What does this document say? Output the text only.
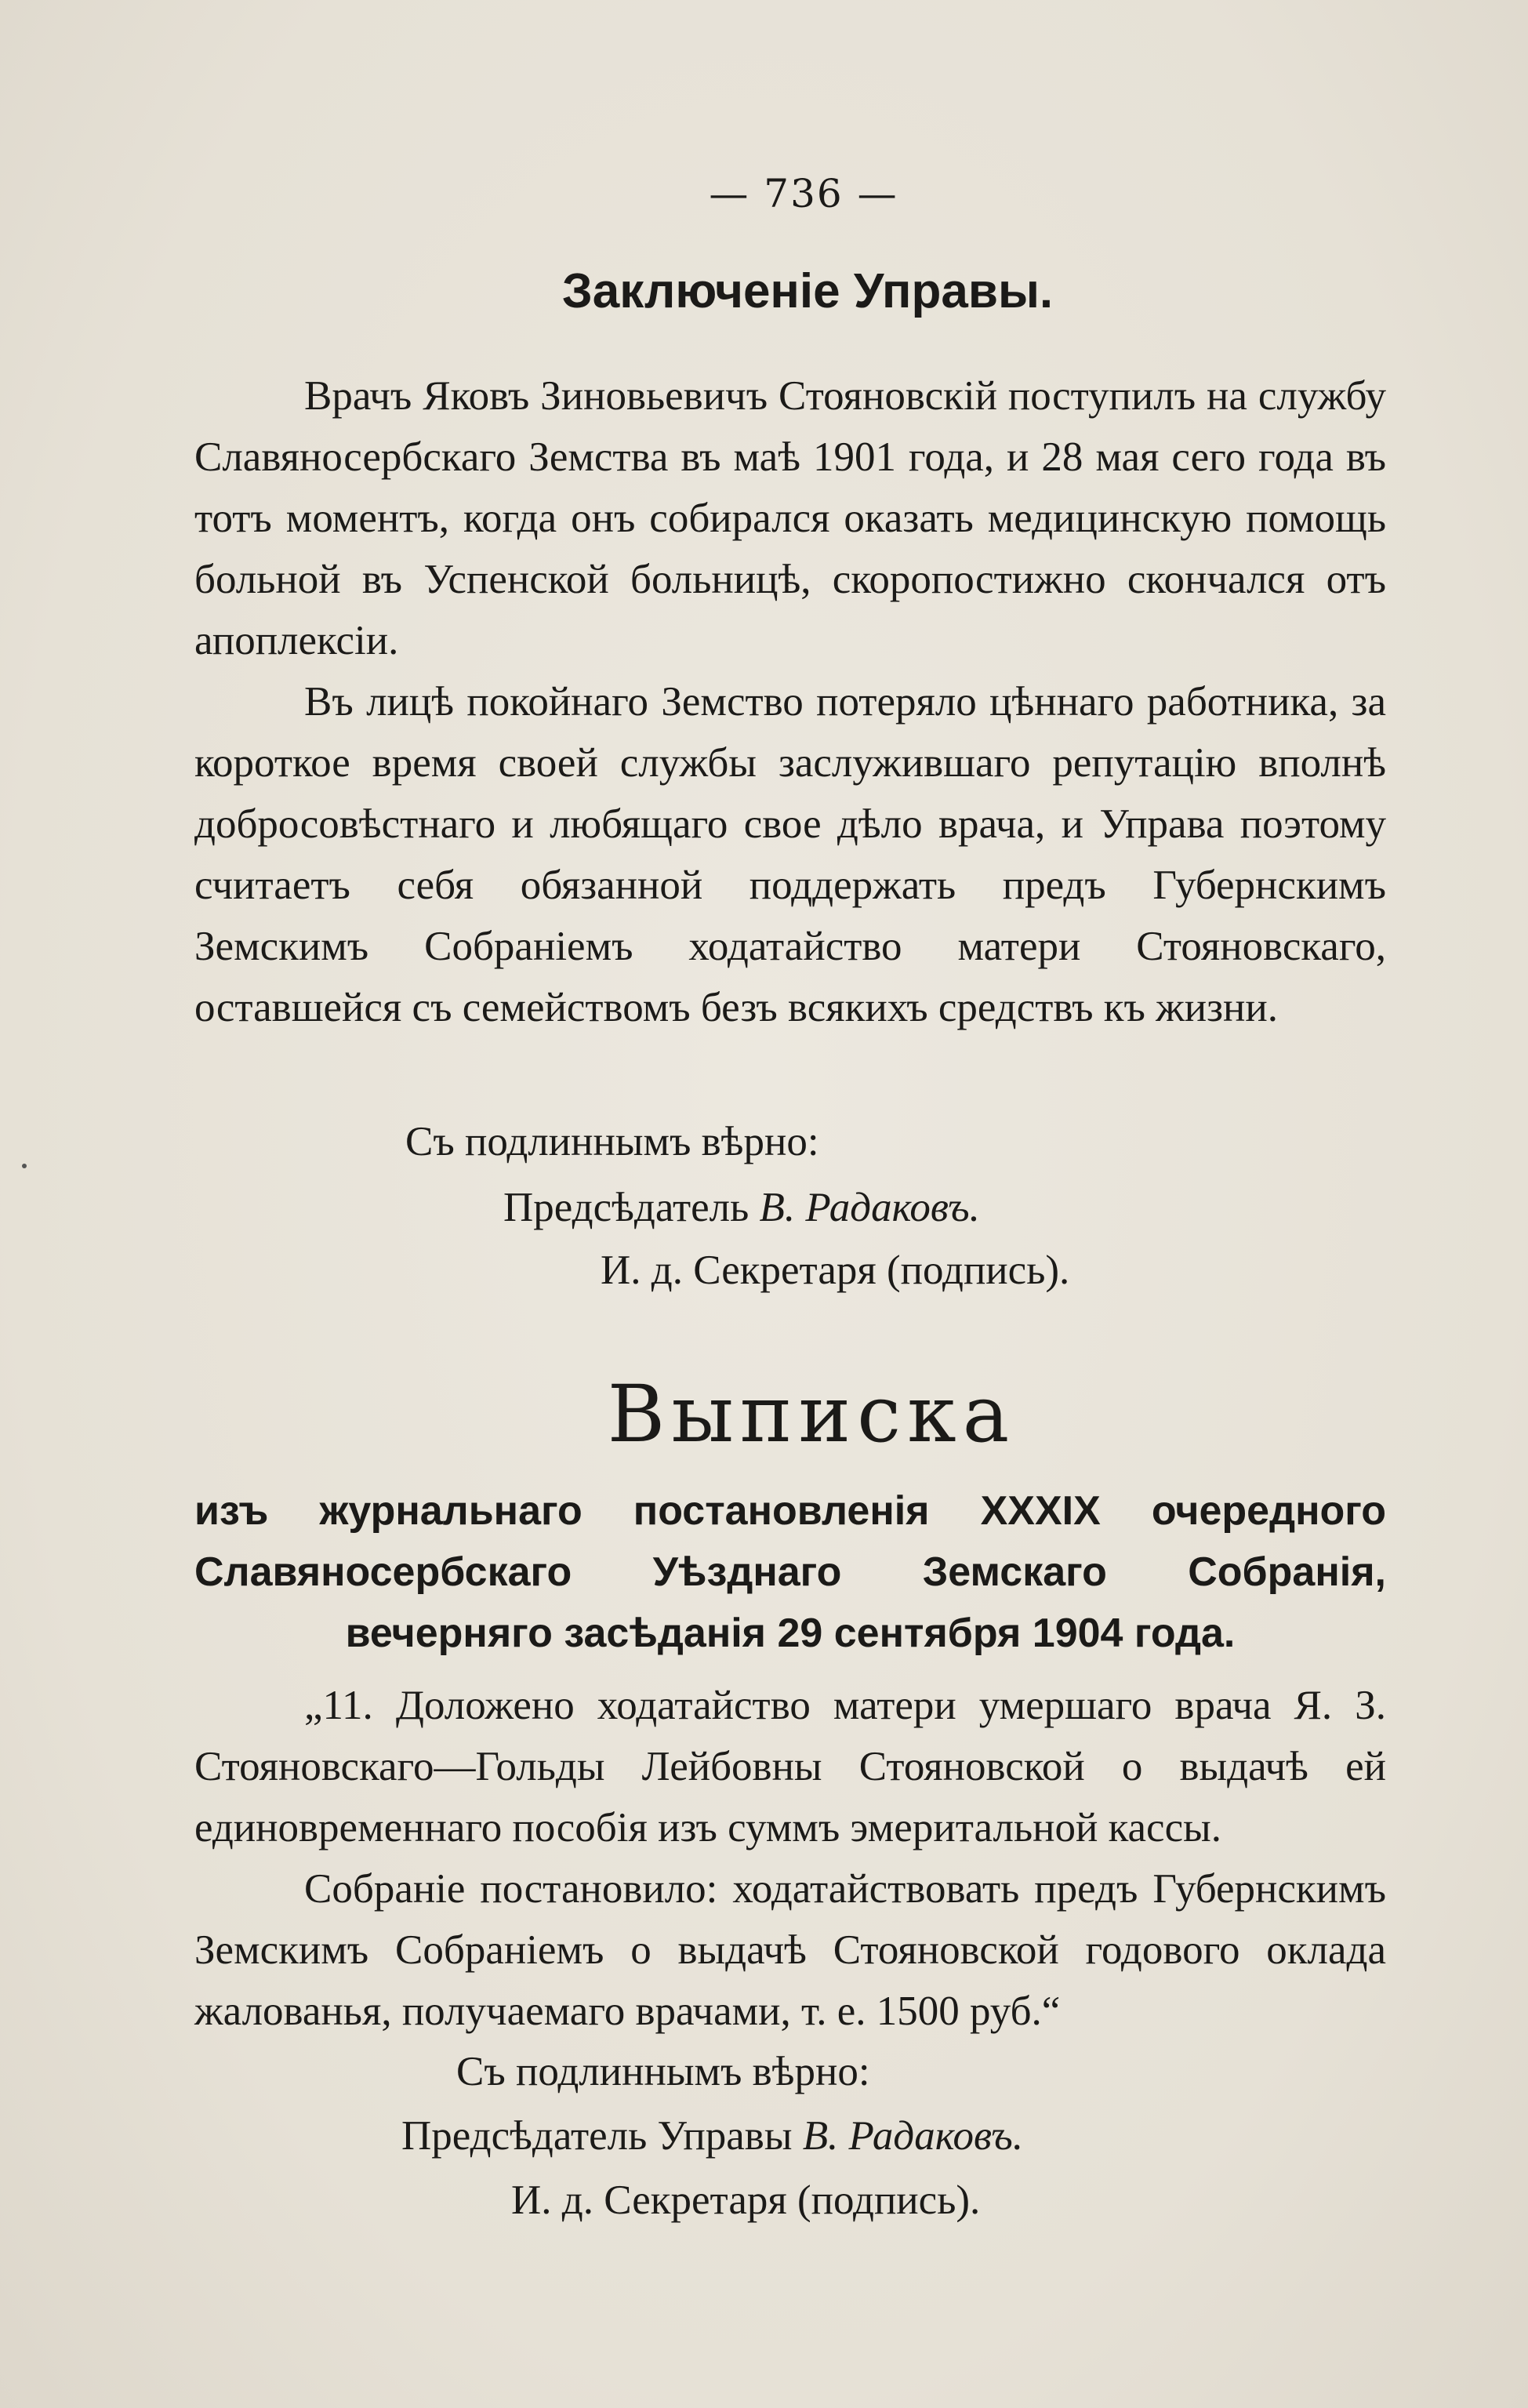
— 736 —
Заключеніе Управы.

Врачъ Яковъ Зиновьевичъ Стояновскій поступилъ на службу Славяносербскаго Земства въ маѣ 1901 года, и 28 мая сего года въ тотъ моментъ, когда онъ собирался оказать медицинскую помощь больной въ Успенской больницѣ, скоропостижно скончался отъ апоплексіи.

Въ лицѣ покойнаго Земство потеряло цѣннаго работника, за короткое время своей службы заслужившаго репутацію вполнѣ добросовѣстнаго и любящаго свое дѣло врача, и Управа поэтому считаетъ себя обязанной поддержать предъ Губернскимъ Земскимъ Собраніемъ ходатайство матери Стояновскаго, оставшейся съ семействомъ безъ всякихъ средствъ къ жизни.

Съ подлиннымъ вѣрно:
Предсѣдатель В. Радаковъ.
И. д. Секретаря (подпись).
Выписка
изъ журнальнаго постановленія XXXIX очередного Славяносербскаго Уѣзднаго Земскаго Собранія, вечерняго засѣданія 29 сентября 1904 года.

„11. Доложено ходатайство матери умершаго врача Я. З. Стояновскаго—Гольды Лейбовны Стояновской о выдачѣ ей единовременнаго пособія изъ суммъ эмеритальной кассы.

Собраніе постановило: ходатайствовать предъ Губернскимъ Земскимъ Собраніемъ о выдачѣ Стояновской годового оклада жалованья, получаемаго врачами, т. е. 1500 руб.“

Съ подлиннымъ вѣрно:
Предсѣдатель Управы В. Радаковъ.
И. д. Секретаря (подпись).
